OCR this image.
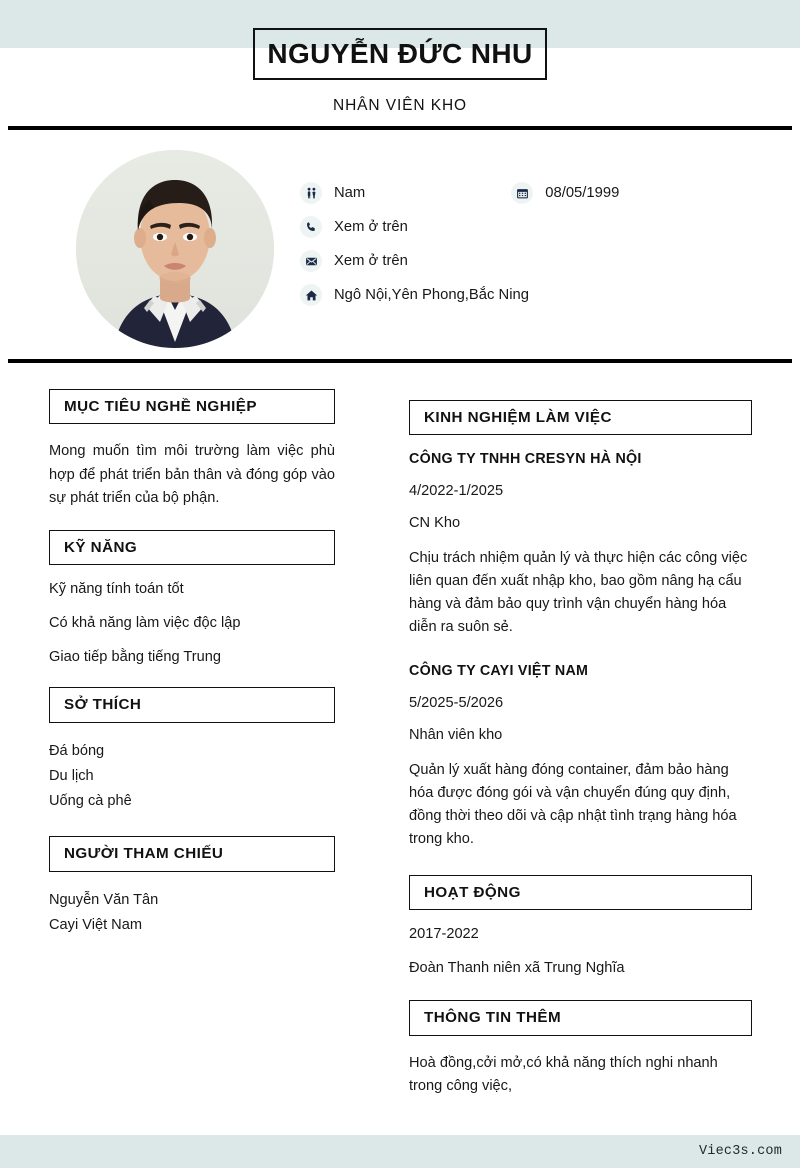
NGUYỄN ĐỨC NHU
NHÂN VIÊN KHO
Nam	08/05/1999
Xem ở trên
Xem ở trên
Ngô Nội,Yên Phong,Bắc Ning
MỤC TIÊU NGHỀ NGHIỆP
Mong muốn tìm môi trường làm việc phù hợp để phát triển bản thân và đóng góp vào sự phát triển của bộ phận.
KỸ NĂNG

Kỹ năng tính toán tốt

Có khả năng làm việc độc lập

Giao tiếp bằng tiếng Trung

SỞ THÍCH

Đá bóng

Du lịch

Uống cà phê

NGƯỜI THAM CHIẾU

Nguyễn Văn Tân

Cayi Việt Nam

KINH NGHIỆM LÀM VIỆC
CÔNG TY TNHH CRESYN HÀ NỘI
4/2022-1/2025
CN Kho
Chịu trách nhiệm quản lý và thực hiện các công việc liên quan đến xuất nhập kho, bao gồm nâng hạ cẩu hàng và đảm bảo quy trình vận chuyển hàng hóa diễn ra suôn sẻ.
CÔNG TY CAYI VIỆT NAM
5/2025-5/2026
Nhân viên kho
Quản lý xuất hàng đóng container, đảm bảo hàng hóa được đóng gói và vận chuyển đúng quy định, đồng thời theo dõi và cập nhật tình trạng hàng hóa trong kho.
HOẠT ĐỘNG
2017-2022
Đoàn Thanh niên xã Trung Nghĩa
THÔNG TIN THÊM
Hoà đồng,cởi mở,có khả năng thích nghi nhanh trong công việc,
Viec3s.com
